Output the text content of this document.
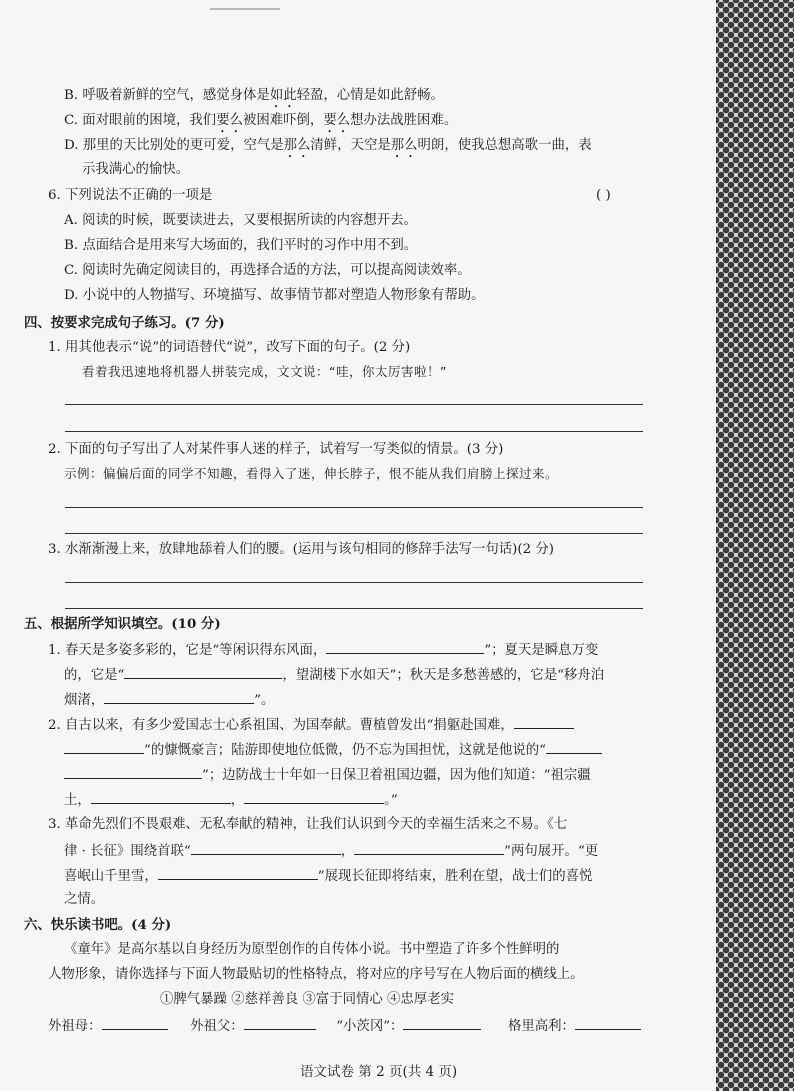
B. 呼吸着新鲜的空气，感觉身体是如此轻盈，心情是如此舒畅。
C. 面对眼前的困境，我们要么被困难吓倒，要么想办法战胜困难。
D. 那里的天比别处的更可爱，空气是那么清鲜，天空是那么明朗，使我总想高歌一曲，表
示我满心的愉快。
6. 下列说法不正确的一项是	( )
A. 阅读的时候，既要读进去，又要根据所读的内容想开去。
B. 点面结合是用来写大场面的，我们平时的习作中用不到。
C. 阅读时先确定阅读目的，再选择合适的方法，可以提高阅读效率。
D. 小说中的人物描写、环境描写、故事情节都对塑造人物形象有帮助。
四、按要求完成句子练习。(7 分)
1. 用其他表示“说”的词语替代“说”，改写下面的句子。(2 分)
看着我迅速地将机器人拼装完成，文文说：“哇，你太厉害啦！”
2. 下面的句子写出了人对某件事人迷的样子，试着写一写类似的情景。(3 分)
示例：偏偏后面的同学不知趣，看得入了迷，伸长脖子，恨不能从我们肩膀上探过来。
3. 水渐渐漫上来，放肆地舔着人们的腰。(运用与该句相同的修辞手法写一句话)(2 分)
五、根据所学知识填空。(10 分)
1. 春天是多姿多彩的，它是“等闲识得东风面，	”；夏天是瞬息万变
的，它是“	，望湖楼下水如天”；秋天是多愁善感的，它是“移舟泊
烟渚，	”。
2. 自古以来，有多少爱国志士心系祖国、为国奉献。曹植曾发出“捐躯赴国难，
”的慷慨豪言；陆游即使地位低微，仍不忘为国担忧，这就是他说的“
”；边防战士十年如一日保卫着祖国边疆，因为他们知道：“祖宗疆
土，	，	。”
3. 革命先烈们不畏艰难、无私奉献的精神，让我们认识到今天的幸福生活来之不易。《七
律 · 长征》围绕首联“	，	”两句展开。“更
喜岷山千里雪，	”展现长征即将结束，胜利在望，战士们的喜悦
之情。
六、快乐读书吧。(4 分)
《童年》是高尔基以自身经历为原型创作的自传体小说。书中塑造了许多个性鲜明的
人物形象，请你选择与下面人物最贴切的性格特点，将对应的序号写在人物后面的横线上。
①脾气暴躁 ②慈祥善良 ③富于同情心 ④忠厚老实
外祖母：	外祖父：	“小茨冈”：	格里高利：
语文试卷 第 2 页(共 4 页)
